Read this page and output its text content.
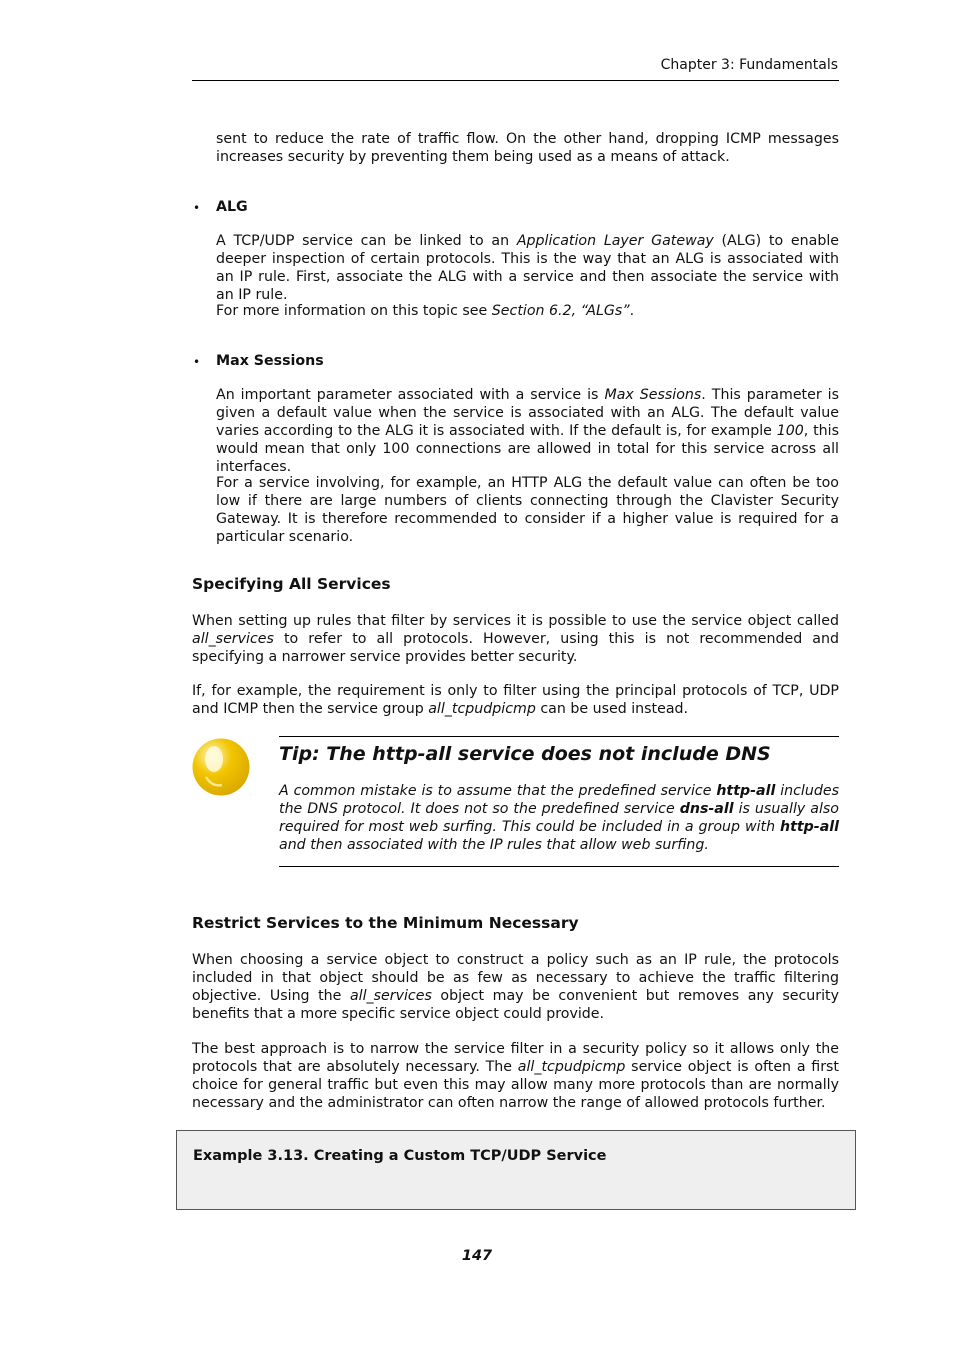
Chapter 3: Fundamentals

sent to reduce the rate of traffic flow. On the other hand, dropping ICMP messages increases security by preventing them being used as a means of attack.

• ALG

A TCP/UDP service can be linked to an Application Layer Gateway (ALG) to enable deeper inspection of certain protocols. This is the way that an ALG is associated with an IP rule. First, associate the ALG with a service and then associate the service with an IP rule.

For more information on this topic see Section 6.2, “ALGs”.

• Max Sessions

An important parameter associated with a service is Max Sessions. This parameter is given a default value when the service is associated with an ALG. The default value varies according to the ALG it is associated with. If the default is, for example 100, this would mean that only 100 connections are allowed in total for this service across all interfaces.

For a service involving, for example, an HTTP ALG the default value can often be too low if there are large numbers of clients connecting through the Clavister Security Gateway. It is therefore recommended to consider if a higher value is required for a particular scenario.

Specifying All Services

When setting up rules that filter by services it is possible to use the service object called all_services to refer to all protocols. However, using this is not recommended and specifying a narrower service provides better security.

If, for example, the requirement is only to filter using the principal protocols of TCP, UDP and ICMP then the service group all_tcpudpicmp can be used instead.

Tip: The http-all service does not include DNS

A common mistake is to assume that the predefined service http-all includes the DNS protocol. It does not so the predefined service dns-all is usually also required for most web surfing. This could be included in a group with http-all and then associated with the IP rules that allow web surfing.

Restrict Services to the Minimum Necessary

When choosing a service object to construct a policy such as an IP rule, the protocols included in that object should be as few as necessary to achieve the traffic filtering objective. Using the all_services object may be convenient but removes any security benefits that a more specific service object could provide.

The best approach is to narrow the service filter in a security policy so it allows only the protocols that are absolutely necessary. The all_tcpudpicmp service object is often a first choice for general traffic but even this may allow many more protocols than are normally necessary and the administrator can often narrow the range of allowed protocols further.

Example 3.13. Creating a Custom TCP/UDP Service
147
